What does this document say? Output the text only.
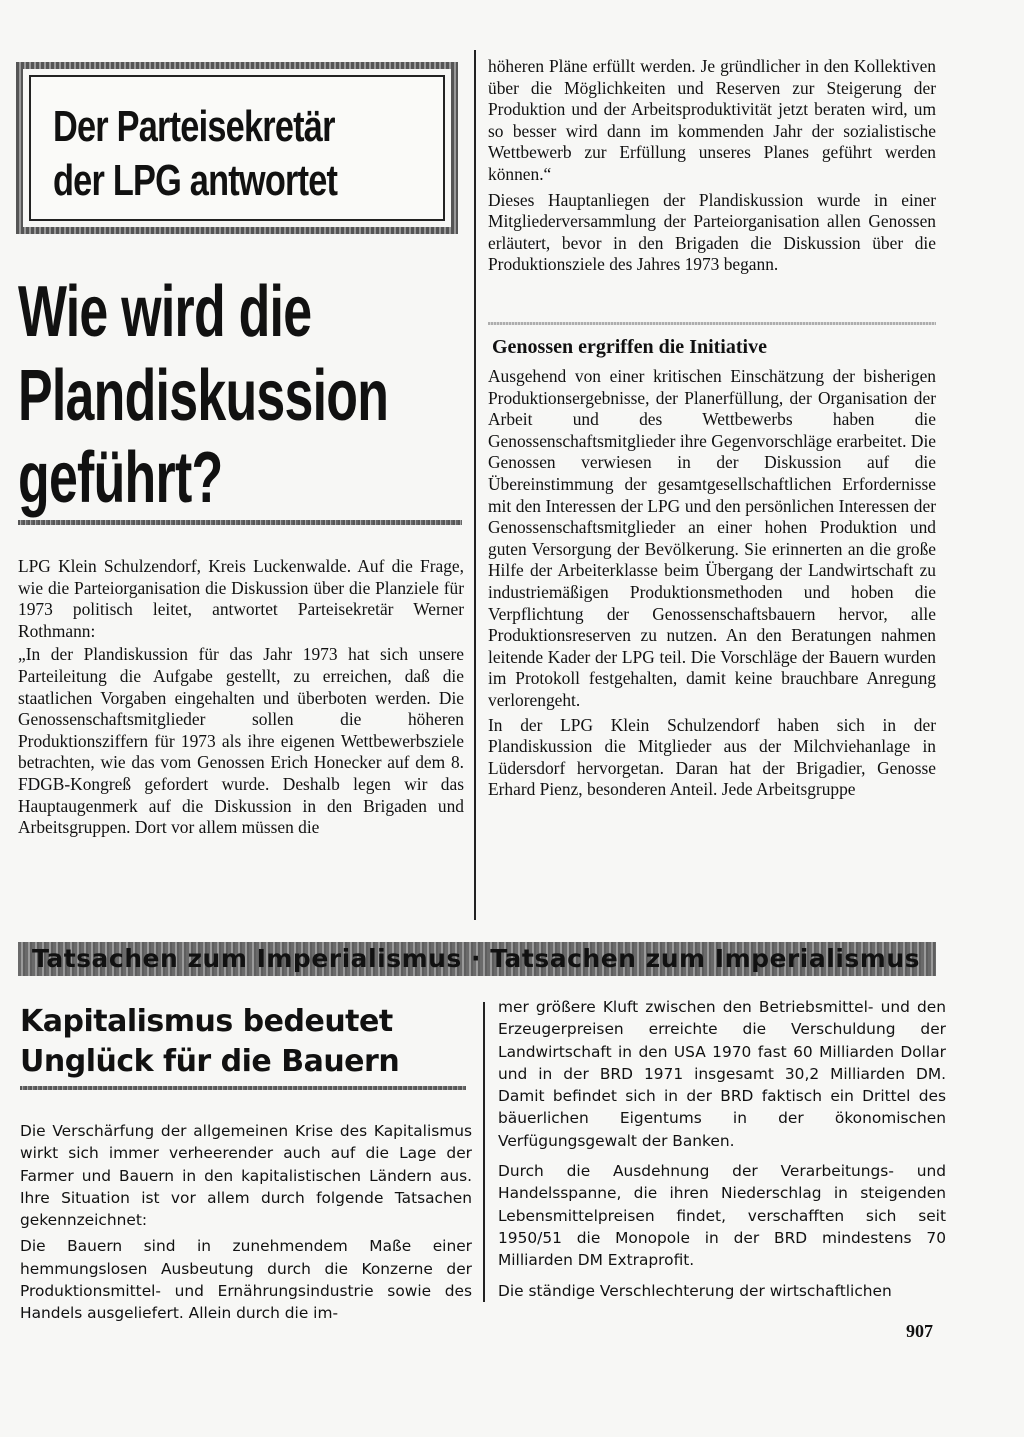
Der Parteisekretär
der LPG antwortet
Wie wird die
Plandiskussion
geführt?

LPG Klein Schulzendorf, Kreis Luckenwalde. Auf die Frage, wie die Parteiorganisation die Diskussion über die Planziele für 1973 politisch leitet, antwortet Parteisekretär Werner Rothmann:

„In der Plandiskussion für das Jahr 1973 hat sich unsere Parteileitung die Aufgabe gestellt, zu erreichen, daß die staatlichen Vorgaben eingehalten und überboten werden. Die Genossenschaftsmitglieder sollen die höheren Produktionsziffern für 1973 als ihre eigenen Wettbewerbsziele betrachten, wie das vom Genossen Erich Honecker auf dem 8. FDGB-Kongreß gefordert wurde. Deshalb legen wir das Hauptaugenmerk auf die Diskussion in den Brigaden und Arbeitsgruppen. Dort vor allem müssen die

höheren Pläne erfüllt werden. Je gründlicher in den Kollektiven über die Möglichkeiten und Reserven zur Steigerung der Produktion und der Arbeitsproduktivität jetzt beraten wird, um so besser wird dann im kommenden Jahr der sozialistische Wettbewerb zur Erfüllung unseres Planes geführt werden können.“

Dieses Hauptanliegen der Plandiskussion wurde in einer Mitgliederversammlung der Parteiorganisation allen Genossen erläutert, bevor in den Brigaden die Diskussion über die Produktionsziele des Jahres 1973 begann.

Genossen ergriffen die Initiative

Ausgehend von einer kritischen Einschätzung der bisherigen Produktionsergebnisse, der Planerfüllung, der Organisation der Arbeit und des Wettbewerbs haben die Genossenschaftsmitglieder ihre Gegenvorschläge erarbeitet. Die Genossen verwiesen in der Diskussion auf die Übereinstimmung der gesamtgesellschaftlichen Erfordernisse mit den Interessen der LPG und den persönlichen Interessen der Genossenschaftsmitglieder an einer hohen Produktion und guten Versorgung der Bevölkerung. Sie erinnerten an die große Hilfe der Arbeiterklasse beim Übergang der Landwirtschaft zu industriemäßigen Produktionsmethoden und hoben die Verpflichtung der Genossenschaftsbauern hervor, alle Produktionsreserven zu nutzen. An den Beratungen nahmen leitende Kader der LPG teil. Die Vorschläge der Bauern wurden im Protokoll festgehalten, damit keine brauchbare Anregung verlorengeht.

In der LPG Klein Schulzendorf haben sich in der Plandiskussion die Mitglieder aus der Milchviehanlage in Lüdersdorf hervorgetan. Daran hat der Brigadier, Genosse Erhard Pienz, besonderen Anteil. Jede Arbeitsgruppe

Tatsachen zum Imperialismus · Tatsachen zum Imperialismus
Kapitalismus bedeutet
Unglück für die Bauern

Die Verschärfung der allgemeinen Krise des Kapitalismus wirkt sich immer verheerender auch auf die Lage der Farmer und Bauern in den kapitalistischen Ländern aus. Ihre Situation ist vor allem durch folgende Tatsachen gekennzeichnet:

Die Bauern sind in zunehmendem Maße einer hemmungslosen Ausbeutung durch die Konzerne der Produktionsmittel- und Ernährungsindustrie sowie des Handels ausgeliefert. Allein durch die im-

mer größere Kluft zwischen den Betriebsmittel- und den Erzeugerpreisen erreichte die Verschuldung der Landwirtschaft in den USA 1970 fast 60 Milliarden Dollar und in der BRD 1971 insgesamt 30,2 Milliarden DM. Damit befindet sich in der BRD faktisch ein Drittel des bäuerlichen Eigentums in der ökonomischen Verfügungsgewalt der Banken.

Durch die Ausdehnung der Verarbeitungs- und Handelsspanne, die ihren Niederschlag in steigenden Lebensmittelpreisen findet, verschafften sich seit 1950/51 die Monopole in der BRD mindestens 70 Milliarden DM Extraprofit.

Die ständige Verschlechterung der wirtschaftlichen

907
